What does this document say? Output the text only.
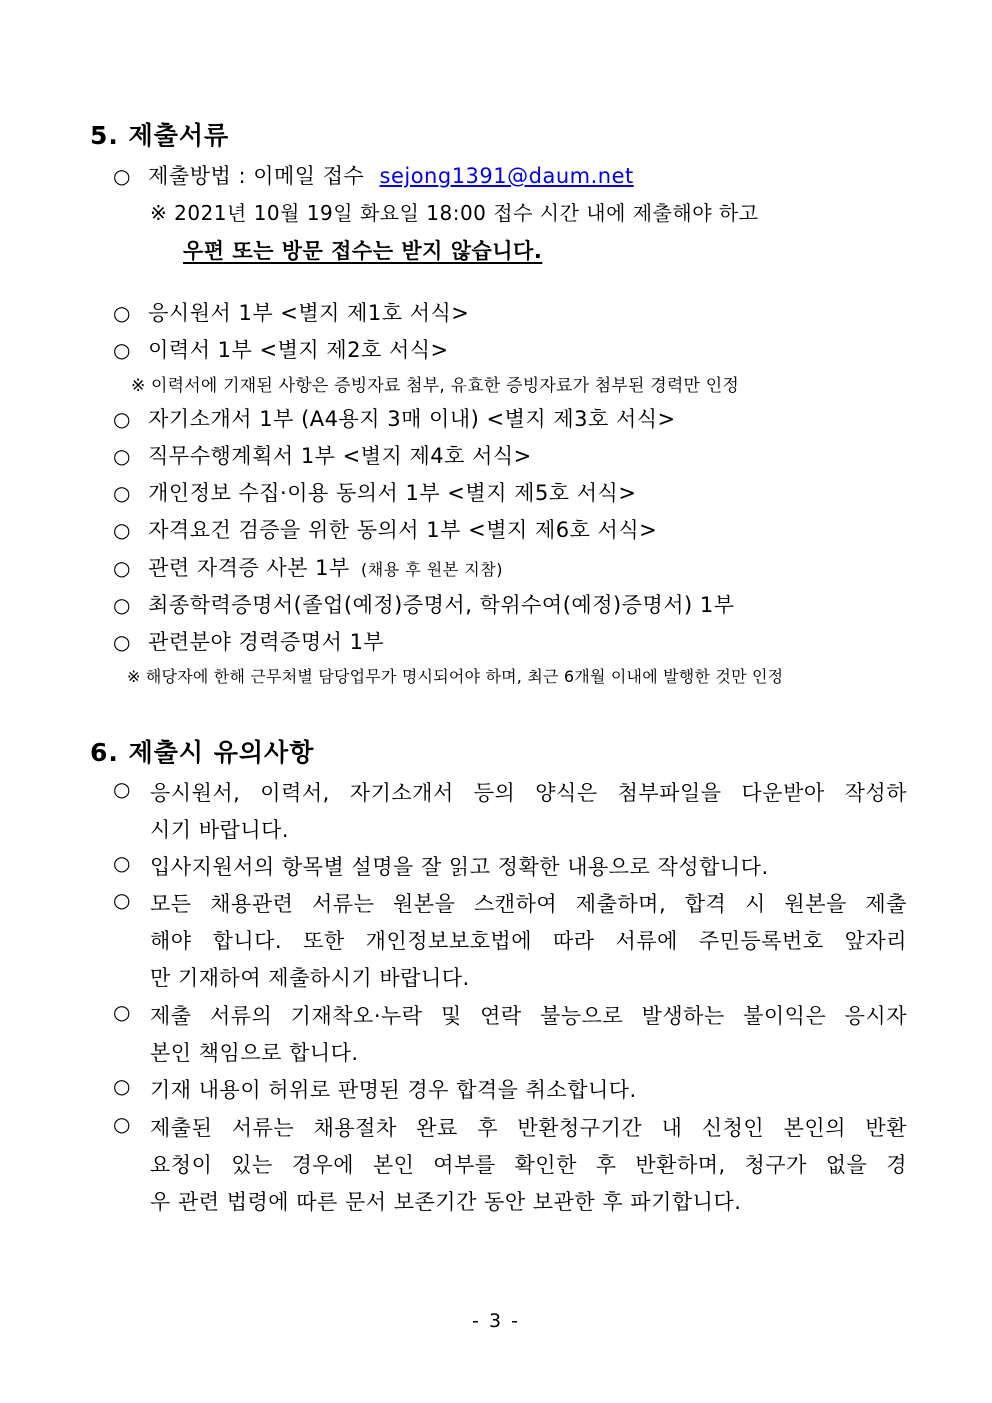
5. 제출서류
○ 제출방법 : 이메일 접수 sejong1391@daum.net
※ 2021년 10월 19일 화요일 18:00 접수 시간 내에 제출해야 하고
우편 또는 방문 접수는 받지 않습니다.
○ 응시원서 1부 <별지 제1호 서식>
○ 이력서 1부 <별지 제2호 서식>
※ 이력서에 기재된 사항은 증빙자료 첨부, 유효한 증빙자료가 첨부된 경력만 인정
○ 자기소개서 1부 (A4용지 3매 이내) <별지 제3호 서식>
○ 직무수행계획서 1부 <별지 제4호 서식>
○ 개인정보 수집·이용 동의서 1부 <별지 제5호 서식>
○ 자격요건 검증을 위한 동의서 1부 <별지 제6호 서식>
○ 관련 자격증 사본 1부 (채용 후 원본 지참)
○ 최종학력증명서(졸업(예정)증명서, 학위수여(예정)증명서) 1부
○ 관련분야 경력증명서 1부
※ 해당자에 한해 근무처별 담당업무가 명시되어야 하며, 최근 6개월 이내에 발행한 것만 인정
6. 제출시 유의사항
○ 응시원서, 이력서, 자기소개서 등의 양식은 첨부파일을 다운받아 작성하
시기 바랍니다.
○ 입사지원서의 항목별 설명을 잘 읽고 정확한 내용으로 작성합니다.
○ 모든 채용관련 서류는 원본을 스캔하여 제출하며, 합격 시 원본을 제출
해야 합니다. 또한 개인정보보호법에 따라 서류에 주민등록번호 앞자리
만 기재하여 제출하시기 바랍니다.
○ 제출 서류의 기재착오·누락 및 연락 불능으로 발생하는 불이익은 응시자
본인 책임으로 합니다.
○ 기재 내용이 허위로 판명된 경우 합격을 취소합니다.
○ 제출된 서류는 채용절차 완료 후 반환청구기간 내 신청인 본인의 반환
요청이 있는 경우에 본인 여부를 확인한 후 반환하며, 청구가 없을 경
우 관련 법령에 따른 문서 보존기간 동안 보관한 후 파기합니다.
- 3 -
